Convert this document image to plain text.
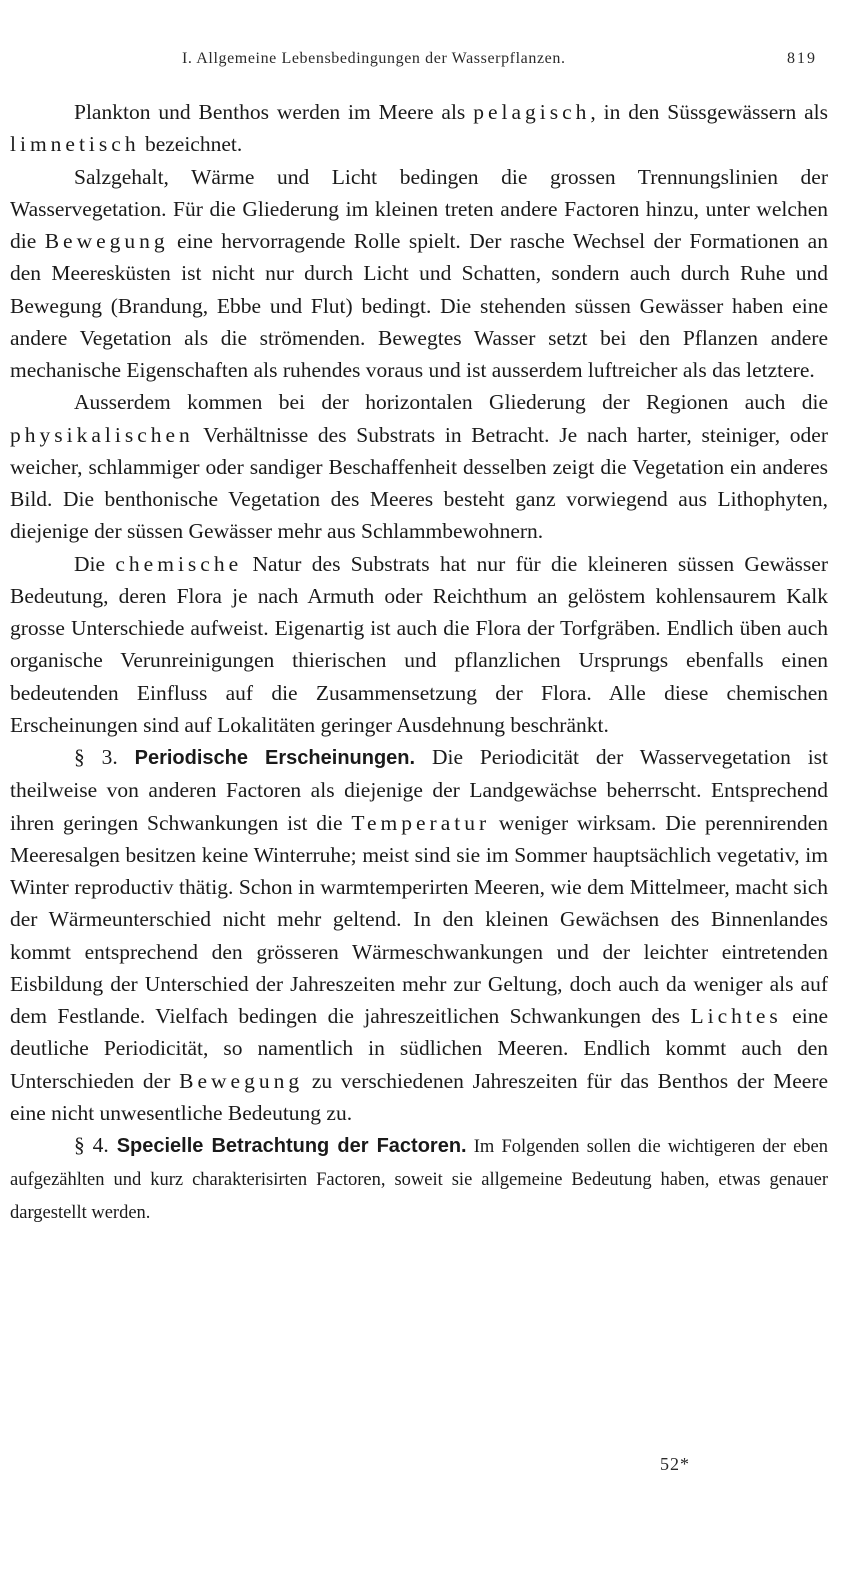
I. Allgemeine Lebensbedingungen der Wasserpflanzen.	819

Plankton und Benthos werden im Meere als pelagisch, in den Süssgewässern als limnetisch bezeichnet.

Salzgehalt, Wärme und Licht bedingen die grossen Trennungslinien der Wasservegetation. Für die Gliederung im kleinen treten andere Factoren hinzu, unter welchen die Bewegung eine hervorragende Rolle spielt. Der rasche Wechsel der Formationen an den Meeresküsten ist nicht nur durch Licht und Schatten, sondern auch durch Ruhe und Bewegung (Brandung, Ebbe und Flut) bedingt. Die stehenden süssen Gewässer haben eine andere Vegetation als die strömenden. Bewegtes Wasser setzt bei den Pflanzen andere mechanische Eigenschaften als ruhendes voraus und ist ausserdem luftreicher als das letztere.

Ausserdem kommen bei der horizontalen Gliederung der Regionen auch die physikalischen Verhältnisse des Substrats in Betracht. Je nach harter, steiniger, oder weicher, schlammiger oder sandiger Beschaffenheit desselben zeigt die Vegetation ein anderes Bild. Die benthonische Vegetation des Meeres besteht ganz vorwiegend aus Lithophyten, diejenige der süssen Gewässer mehr aus Schlammbewohnern.

Die chemische Natur des Substrats hat nur für die kleineren süssen Gewässer Bedeutung, deren Flora je nach Armuth oder Reichthum an gelöstem kohlensaurem Kalk grosse Unterschiede aufweist. Eigenartig ist auch die Flora der Torfgräben. Endlich üben auch organische Verunreinigungen thierischen und pflanzlichen Ursprungs ebenfalls einen bedeutenden Einfluss auf die Zusammensetzung der Flora. Alle diese chemischen Erscheinungen sind auf Lokalitäten geringer Ausdehnung beschränkt.

§ 3. Periodische Erscheinungen. Die Periodicität der Wasservegetation ist theilweise von anderen Factoren als diejenige der Landgewächse beherrscht. Entsprechend ihren geringen Schwankungen ist die Temperatur weniger wirksam. Die perennirenden Meeresalgen besitzen keine Winterruhe; meist sind sie im Sommer hauptsächlich vegetativ, im Winter reproductiv thätig. Schon in warmtemperirten Meeren, wie dem Mittelmeer, macht sich der Wärmeunterschied nicht mehr geltend. In den kleinen Gewächsen des Binnenlandes kommt entsprechend den grösseren Wärmeschwankungen und der leichter eintretenden Eisbildung der Unterschied der Jahreszeiten mehr zur Geltung, doch auch da weniger als auf dem Festlande. Vielfach bedingen die jahreszeitlichen Schwankungen des Lichtes eine deutliche Periodicität, so namentlich in südlichen Meeren. Endlich kommt auch den Unterschieden der Bewegung zu verschiedenen Jahreszeiten für das Benthos der Meere eine nicht unwesentliche Bedeutung zu.

§ 4. Specielle Betrachtung der Factoren. Im Folgenden sollen die wichtigeren der eben aufgezählten und kurz charakterisirten Factoren, soweit sie allgemeine Bedeutung haben, etwas genauer dargestellt werden.

52*
